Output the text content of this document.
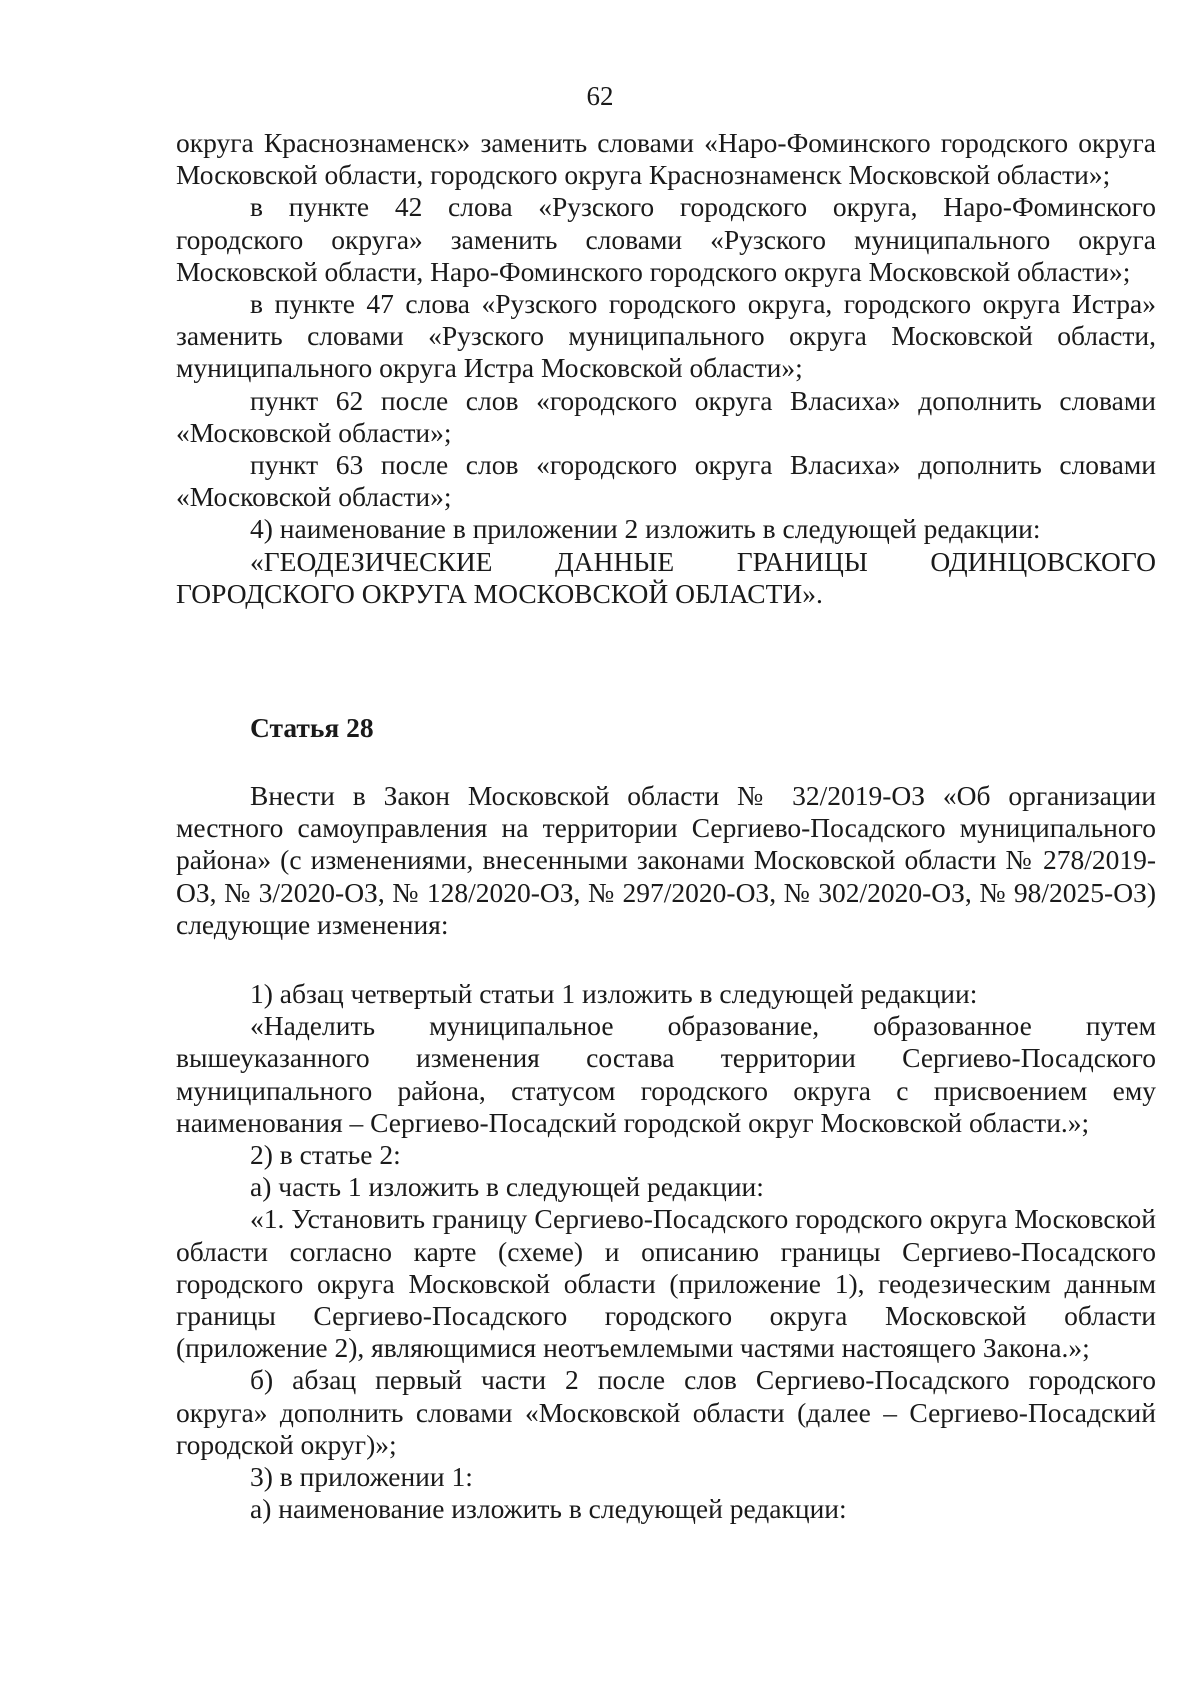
62

округа Краснознаменск» заменить словами «Наро-Фоминского городского округа Московской области, городского округа Краснознаменск Московской области»;

в пункте 42 слова «Рузского городского округа, Наро-Фоминского городского округа» заменить словами «Рузского муниципального округа Московской области, Наро-Фоминского городского округа Московской области»;

в пункте 47 слова «Рузского городского округа, городского округа Истра» заменить словами «Рузского муниципального округа Московской области, муниципального округа Истра Московской области»;

пункт 62 после слов «городского округа Власиха» дополнить словами «Московской области»;

пункт 63 после слов «городского округа Власиха» дополнить словами «Московской области»;

4) наименование в приложении 2 изложить в следующей редакции:

«ГЕОДЕЗИЧЕСКИЕ ДАННЫЕ ГРАНИЦЫ ОДИНЦОВСКОГО ГОРОДСКОГО ОКРУГА МОСКОВСКОЙ ОБЛАСТИ».

Статья 28

Внести в Закон Московской области № 32/2019-ОЗ «Об организации местного самоуправления на территории Сергиево-Посадского муниципального района» (с изменениями, внесенными законами Московской области № 278/2019-ОЗ, № 3/2020-ОЗ, № 128/2020-ОЗ, № 297/2020-ОЗ, № 302/2020-ОЗ, № 98/2025-ОЗ) следующие изменения:

1) абзац четвертый статьи 1 изложить в следующей редакции:

«Наделить муниципальное образование, образованное путем вышеуказанного изменения состава территории Сергиево-Посадского муниципального района, статусом городского округа с присвоением ему наименования – Сергиево-Посадский городской округ Московской области.»;

2) в статье 2:

а) часть 1 изложить в следующей редакции:

«1. Установить границу Сергиево-Посадского городского округа Московской области согласно карте (схеме) и описанию границы Сергиево-Посадского городского округа Московской области (приложение 1), геодезическим данным границы Сергиево-Посадского городского округа Московской области (приложение 2), являющимися неотъемлемыми частями настоящего Закона.»;

б) абзац первый части 2 после слов Сергиево-Посадского городского округа» дополнить словами «Московской области (далее – Сергиево-Посадский городской округ)»;

3) в приложении 1:

а) наименование изложить в следующей редакции:
